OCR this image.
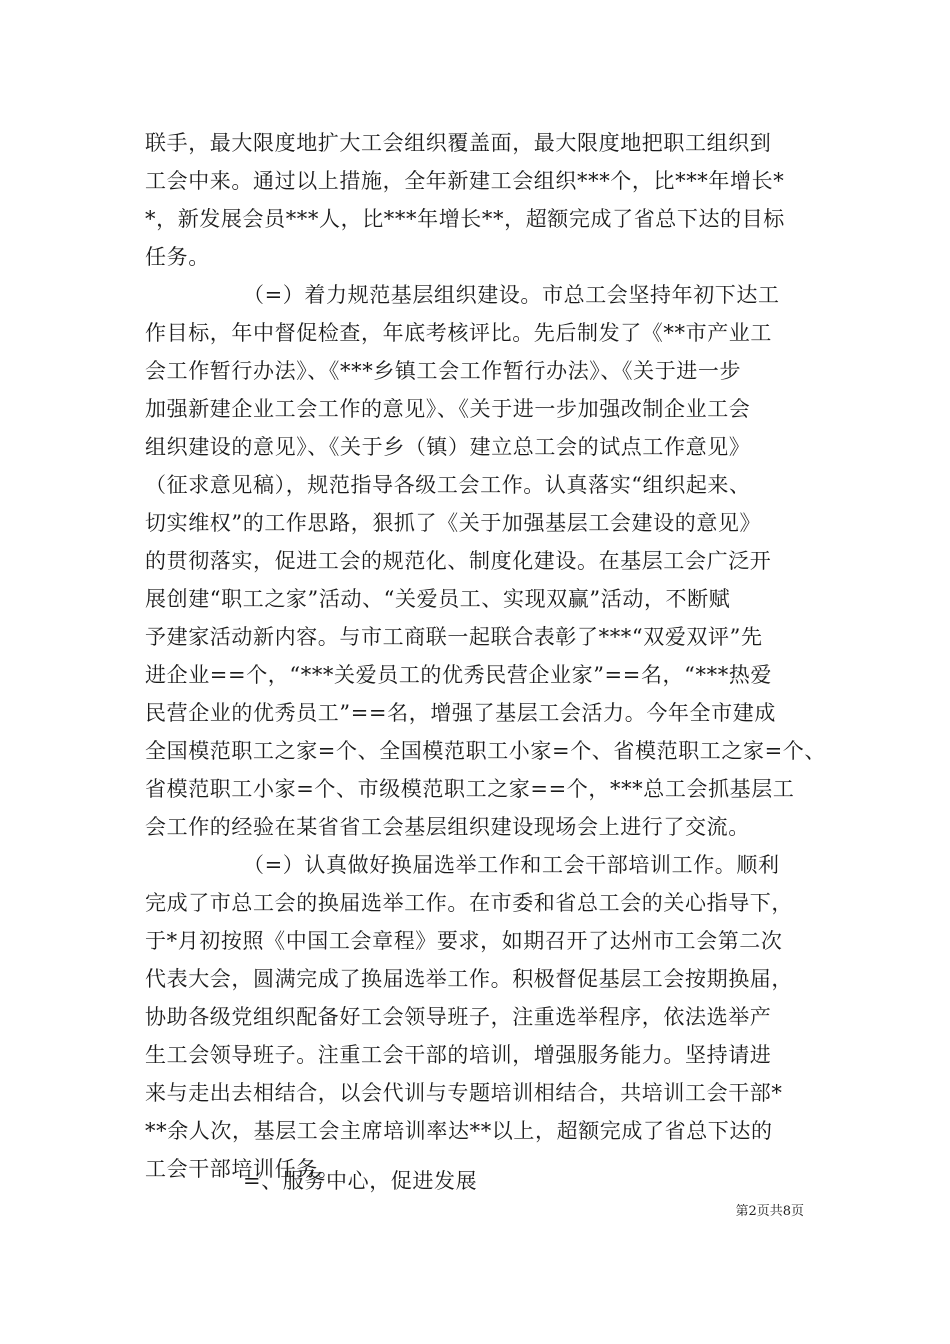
联手，最大限度地扩大工会组织覆盖面，最大限度地把职工组织到
工会中来。通过以上措施，全年新建工会组织***个，比***年增长*
*，新发展会员***人，比***年增长**，超额完成了省总下达的目标
任务。
（=）着力规范基层组织建设。市总工会坚持年初下达工
作目标，年中督促检查，年底考核评比。先后制发了《**市产业工
会工作暂行办法》、《***乡镇工会工作暂行办法》、《关于进一步
加强新建企业工会工作的意见》、《关于进一步加强改制企业工会
组织建设的意见》、《关于乡（镇）建立总工会的试点工作意见》
（征求意见稿），规范指导各级工会工作。认真落实“组织起来、
切实维权”的工作思路，狠抓了《关于加强基层工会建设的意见》
的贯彻落实，促进工会的规范化、制度化建设。在基层工会广泛开
展创建“职工之家”活动、“关爱员工、实现双赢”活动，不断赋
予建家活动新内容。与市工商联一起联合表彰了***“双爱双评”先
进企业==个，“***关爱员工的优秀民营企业家”==名，“***热爱
民营企业的优秀员工”==名，增强了基层工会活力。今年全市建成
全国模范职工之家=个、全国模范职工小家=个、省模范职工之家=个、
省模范职工小家=个、市级模范职工之家==个，***总工会抓基层工
会工作的经验在某省省工会基层组织建设现场会上进行了交流。
（=）认真做好换届选举工作和工会干部培训工作。顺利
完成了市总工会的换届选举工作。在市委和省总工会的关心指导下，
于*月初按照《中国工会章程》要求，如期召开了达州市工会第二次
代表大会，圆满完成了换届选举工作。积极督促基层工会按期换届，
协助各级党组织配备好工会领导班子，注重选举程序，依法选举产
生工会领导班子。注重工会干部的培训，增强服务能力。坚持请进
来与走出去相结合，以会代训与专题培训相结合，共培训工会干部*
**余人次，基层工会主席培训率达**以上，超额完成了省总下达的
工会干部培训任务。
=、服务中心，促进发展
第2页共8页
